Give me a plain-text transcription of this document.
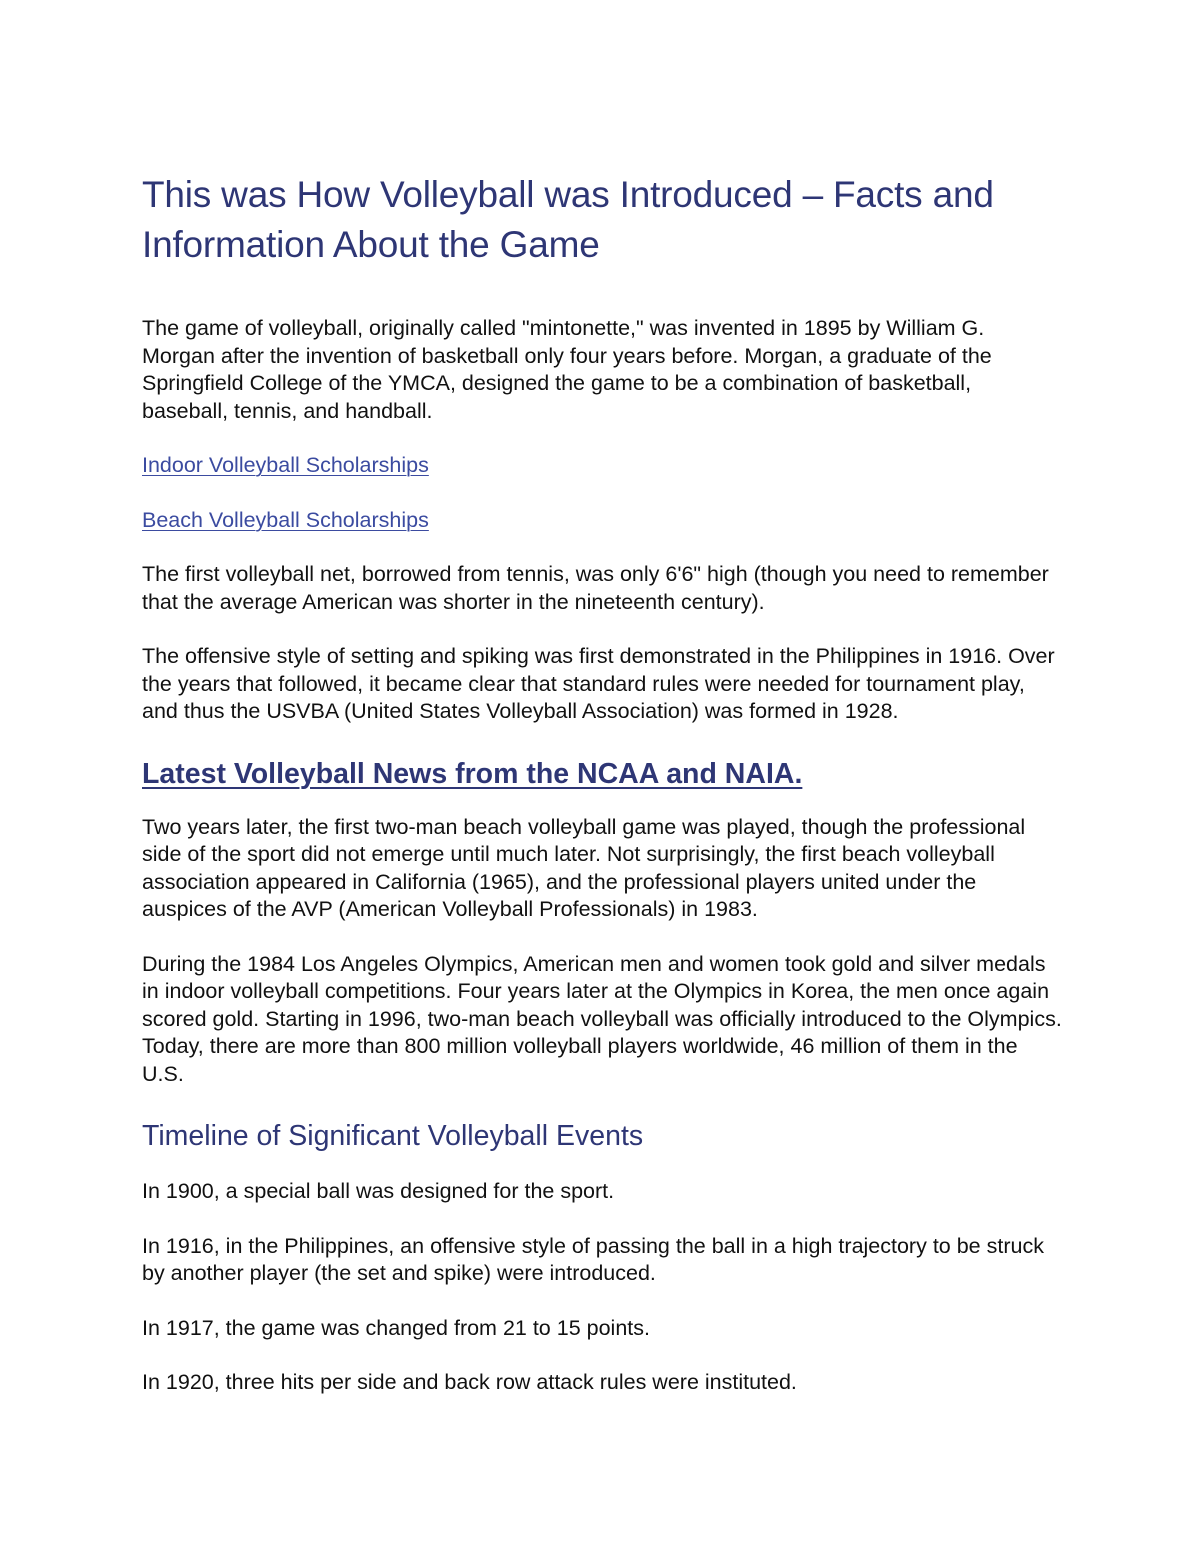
This was How Volleyball was Introduced – Facts and Information About the Game

The game of volleyball, originally called "mintonette," was invented in 1895 by William G. Morgan after the invention of basketball only four years before. Morgan, a graduate of the Springfield College of the YMCA, designed the game to be a combination of basketball, baseball, tennis, and handball.

Indoor Volleyball Scholarships
Beach Volleyball Scholarships

The first volleyball net, borrowed from tennis, was only 6'6" high (though you need to remember that the average American was shorter in the nineteenth century).

The offensive style of setting and spiking was first demonstrated in the Philippines in 1916. Over the years that followed, it became clear that standard rules were needed for tournament play, and thus the USVBA (United States Volleyball Association) was formed in 1928.

Latest Volleyball News from the NCAA and NAIA.

Two years later, the first two-man beach volleyball game was played, though the professional side of the sport did not emerge until much later. Not surprisingly, the first beach volleyball association appeared in California (1965), and the professional players united under the auspices of the AVP (American Volleyball Professionals) in 1983.

During the 1984 Los Angeles Olympics, American men and women took gold and silver medals in indoor volleyball competitions. Four years later at the Olympics in Korea, the men once again scored gold. Starting in 1996, two-man beach volleyball was officially introduced to the Olympics. Today, there are more than 800 million volleyball players worldwide, 46 million of them in the U.S.

Timeline of Significant Volleyball Events

In 1900, a special ball was designed for the sport.

In 1916, in the Philippines, an offensive style of passing the ball in a high trajectory to be struck by another player (the set and spike) were introduced.

In 1917, the game was changed from 21 to 15 points.

In 1920, three hits per side and back row attack rules were instituted.
